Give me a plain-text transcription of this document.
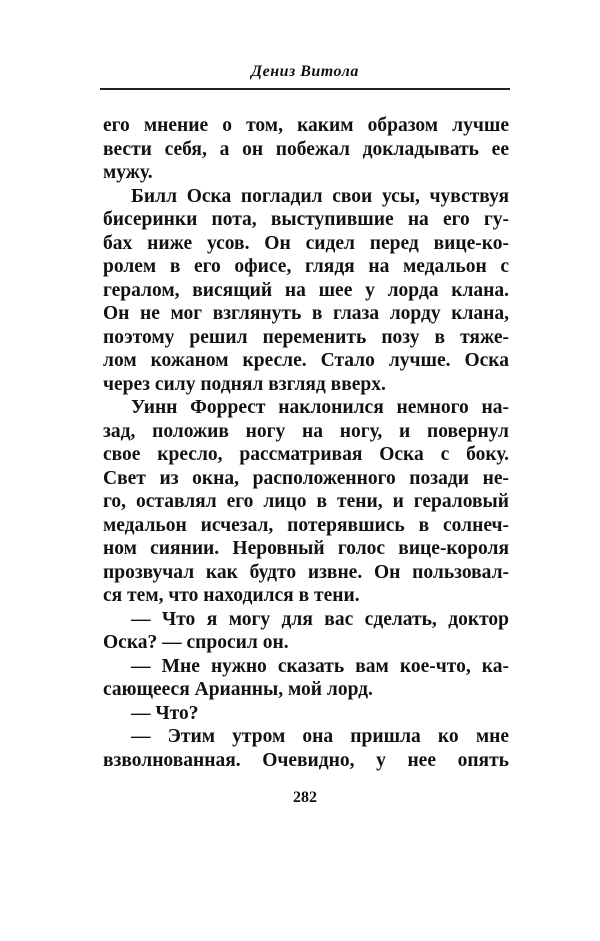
Дениз Витола
его мнение о том, каким образом лучше
вести себя, а он побежал докладывать ее
мужу.
Билл Оска погладил свои усы, чувствуя
бисеринки пота, выступившие на его гу-
бах ниже усов. Он сидел перед вице-ко-
ролем в его офисе, глядя на медальон с
гералом, висящий на шее у лорда клана.
Он не мог взглянуть в глаза лорду клана,
поэтому решил переменить позу в тяже-
лом кожаном кресле. Стало лучше. Оска
через силу поднял взгляд вверх.
Уинн Форрест наклонился немного на-
зад, положив ногу на ногу, и повернул
свое кресло, рассматривая Оска с боку.
Свет из окна, расположенного позади не-
го, оставлял его лицо в тени, и гераловый
медальон исчезал, потерявшись в солнеч-
ном сиянии. Неровный голос вице-короля
прозвучал как будто извне. Он пользовал-
ся тем, что находился в тени.
— Что я могу для вас сделать, доктор
Оска? — спросил он.
— Мне нужно сказать вам кое-что, ка-
сающееся Арианны, мой лорд.
— Что?
— Этим утром она пришла ко мне
взволнованная. Очевидно, у нее опять
282
